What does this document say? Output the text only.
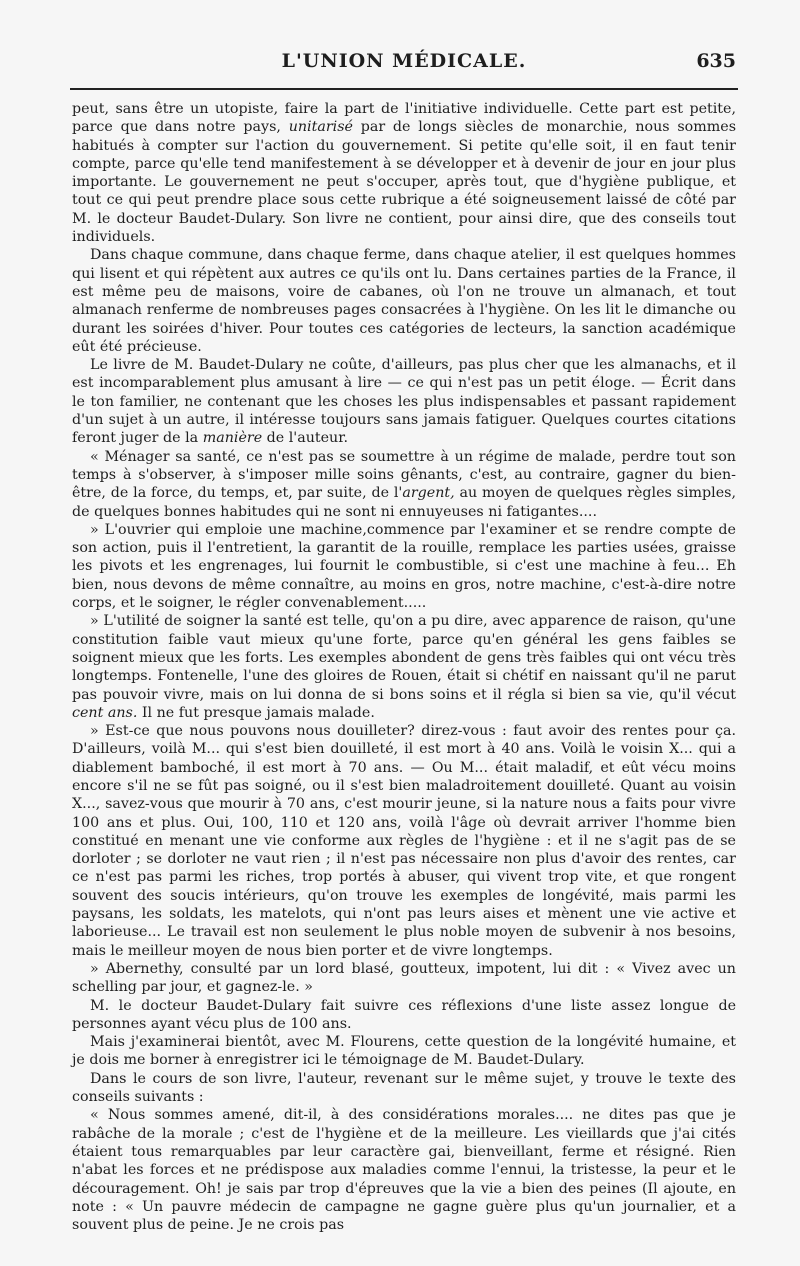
L'UNION MÉDICALE.	635

peut, sans être un utopiste, faire la part de l'initiative individuelle. Cette part est petite, parce que dans notre pays, unitarisé par de longs siècles de monarchie, nous sommes habitués à compter sur l'action du gouvernement. Si petite qu'elle soit, il en faut tenir compte, parce qu'elle tend manifestement à se développer et à devenir de jour en jour plus importante. Le gouvernement ne peut s'occuper, après tout, que d'hygiène publique, et tout ce qui peut prendre place sous cette rubrique a été soigneusement laissé de côté par M. le docteur Baudet-Dulary. Son livre ne contient, pour ainsi dire, que des conseils tout individuels.

Dans chaque commune, dans chaque ferme, dans chaque atelier, il est quelques hommes qui lisent et qui répètent aux autres ce qu'ils ont lu. Dans certaines parties de la France, il est même peu de maisons, voire de cabanes, où l'on ne trouve un almanach, et tout almanach renferme de nombreuses pages consacrées à l'hygiène. On les lit le dimanche ou durant les soirées d'hiver. Pour toutes ces catégories de lecteurs, la sanction académique eût été précieuse.

Le livre de M. Baudet-Dulary ne coûte, d'ailleurs, pas plus cher que les almanachs, et il est incomparablement plus amusant à lire — ce qui n'est pas un petit éloge. — Écrit dans le ton familier, ne contenant que les choses les plus indispensables et passant rapidement d'un sujet à un autre, il intéresse toujours sans jamais fatiguer. Quelques courtes citations feront juger de la manière de l'auteur.

« Ménager sa santé, ce n'est pas se soumettre à un régime de malade, perdre tout son temps à s'observer, à s'imposer mille soins gênants, c'est, au contraire, gagner du bien-être, de la force, du temps, et, par suite, de l'argent, au moyen de quelques règles simples, de quelques bonnes habitudes qui ne sont ni ennuyeuses ni fatigantes....

» L'ouvrier qui emploie une machine,commence par l'examiner et se rendre compte de son action, puis il l'entretient, la garantit de la rouille, remplace les parties usées, graisse les pivots et les engrenages, lui fournit le combustible, si c'est une machine à feu... Eh bien, nous devons de même connaître, au moins en gros, notre machine, c'est-à-dire notre corps, et le soigner, le régler convenablement.....

» L'utilité de soigner la santé est telle, qu'on a pu dire, avec apparence de raison, qu'une constitution faible vaut mieux qu'une forte, parce qu'en général les gens faibles se soignent mieux que les forts. Les exemples abondent de gens très faibles qui ont vécu très longtemps. Fontenelle, l'une des gloires de Rouen, était si chétif en naissant qu'il ne parut pas pouvoir vivre, mais on lui donna de si bons soins et il régla si bien sa vie, qu'il vécut cent ans. Il ne fut presque jamais malade.

» Est-ce que nous pouvons nous douilleter? direz-vous : faut avoir des rentes pour ça. D'ailleurs, voilà M... qui s'est bien douilleté, il est mort à 40 ans. Voilà le voisin X... qui a diablement bamboché, il est mort à 70 ans. — Ou M... était maladif, et eût vécu moins encore s'il ne se fût pas soigné, ou il s'est bien maladroitement douilleté. Quant au voisin X..., savez-vous que mourir à 70 ans, c'est mourir jeune, si la nature nous a faits pour vivre 100 ans et plus. Oui, 100, 110 et 120 ans, voilà l'âge où devrait arriver l'homme bien constitué en menant une vie conforme aux règles de l'hygiène : et il ne s'agit pas de se dorloter ; se dorloter ne vaut rien ; il n'est pas nécessaire non plus d'avoir des rentes, car ce n'est pas parmi les riches, trop portés à abuser, qui vivent trop vite, et que rongent souvent des soucis intérieurs, qu'on trouve les exemples de longévité, mais parmi les paysans, les soldats, les matelots, qui n'ont pas leurs aises et mènent une vie active et laborieuse... Le travail est non seulement le plus noble moyen de subvenir à nos besoins, mais le meilleur moyen de nous bien porter et de vivre longtemps.

» Abernethy, consulté par un lord blasé, goutteux, impotent, lui dit : « Vivez avec un schelling par jour, et gagnez-le. »

M. le docteur Baudet-Dulary fait suivre ces réflexions d'une liste assez longue de personnes ayant vécu plus de 100 ans.

Mais j'examinerai bientôt, avec M. Flourens, cette question de la longévité humaine, et je dois me borner à enregistrer ici le témoignage de M. Baudet-Dulary.

Dans le cours de son livre, l'auteur, revenant sur le même sujet, y trouve le texte des conseils suivants :

« Nous sommes amené, dit-il, à des considérations morales.... ne dites pas que je rabâche de la morale ; c'est de l'hygiène et de la meilleure. Les vieillards que j'ai cités étaient tous remarquables par leur caractère gai, bienveillant, ferme et résigné. Rien n'abat les forces et ne prédispose aux maladies comme l'ennui, la tristesse, la peur et le découragement. Oh! je sais par trop d'épreuves que la vie a bien des peines (Il ajoute, en note : « Un pauvre médecin de campagne ne gagne guère plus qu'un journalier, et a souvent plus de peine. Je ne crois pas
